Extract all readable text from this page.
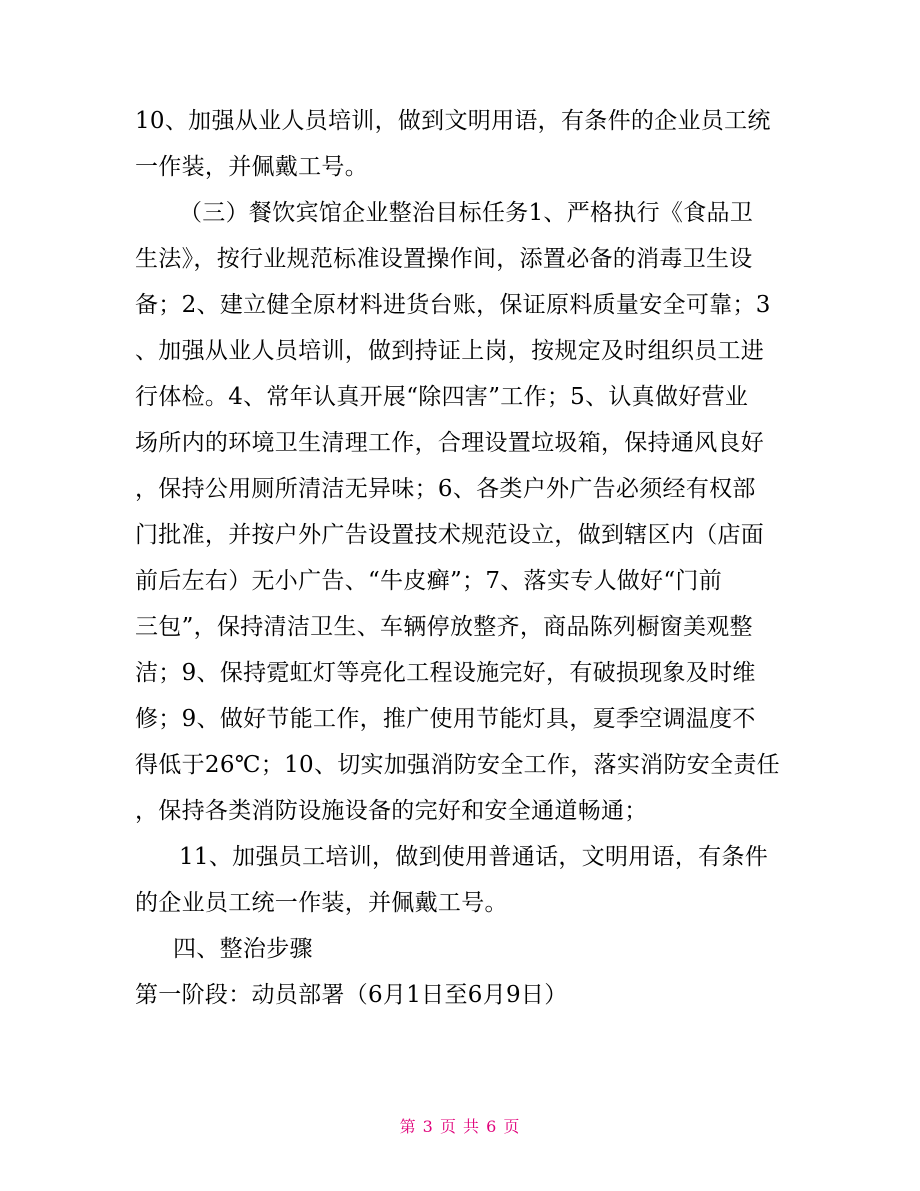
10、加强从业人员培训，做到文明用语，有条件的企业员工统
一作装，并佩戴工号。
（三）餐饮宾馆企业整治目标任务1、严格执行《食品卫
生法》，按行业规范标准设置操作间，添置必备的消毒卫生设
备；2、建立健全原材料进货台账，保证原料质量安全可靠；3
、加强从业人员培训，做到持证上岗，按规定及时组织员工进
行体检。4、常年认真开展“除四害”工作；5、认真做好营业
场所内的环境卫生清理工作，合理设置垃圾箱，保持通风良好
，保持公用厕所清洁无异味；6、各类户外广告必须经有权部
门批准，并按户外广告设置技术规范设立，做到辖区内（店面
前后左右）无小广告、“牛皮癣”；7、落实专人做好“门前
三包”，保持清洁卫生、车辆停放整齐，商品陈列橱窗美观整
洁；9、保持霓虹灯等亮化工程设施完好，有破损现象及时维
修；9、做好节能工作，推广使用节能灯具，夏季空调温度不
得低于26℃；10、切实加强消防安全工作，落实消防安全责任
，保持各类消防设施设备的完好和安全通道畅通；
11、加强员工培训，做到使用普通话，文明用语，有条件
的企业员工统一作装，并佩戴工号。
四、整治步骤
第一阶段：动员部署（6月1日至6月9日）
第 3 页 共 6 页
